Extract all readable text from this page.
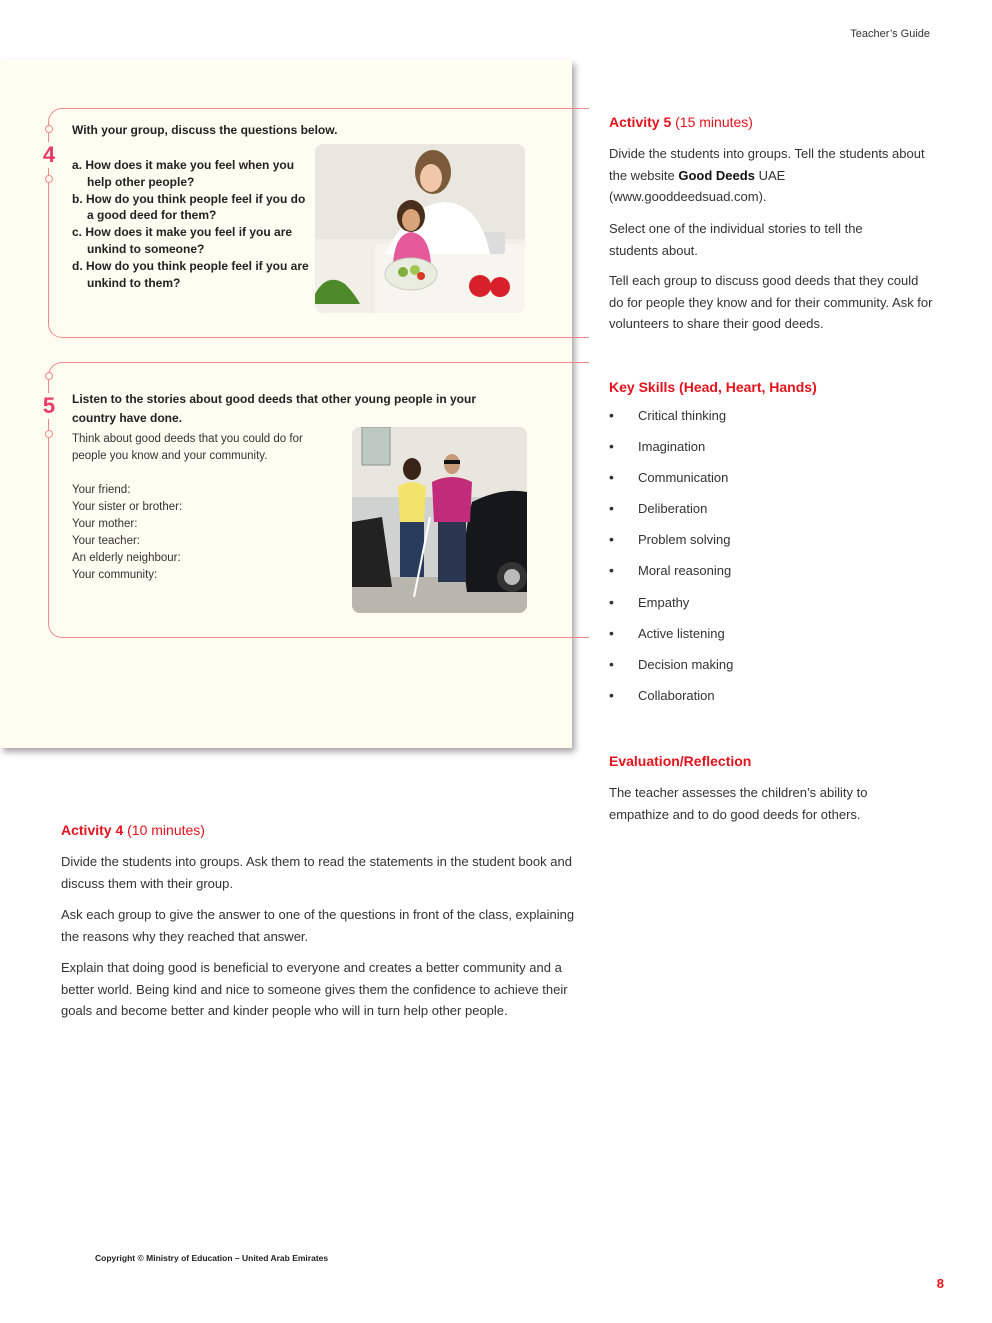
Teacher’s Guide
4
With your group, discuss the questions below.
a. How does it make you feel when you help other people?
b. How do you think people feel if you do a good deed for them?
c. How does it make you feel if you are unkind to someone?
d. How do you think people feel if you are unkind to them?
5 Listen to the stories about good deeds that other young people in your country have done.
Think about good deeds that you could do for people you know and your community.
Your friend:
Your sister or brother:
Your mother:
Your teacher:
An elderly neighbour:
Your community:
Activity 4 (10 minutes)
Divide the students into groups. Ask them to read the statements in the student book and discuss them with their group.
Ask each group to give the answer to one of the questions in front of the class, explaining the reasons why they reached that answer.
Explain that doing good is beneficial to everyone and creates a better community and a better world. Being kind and nice to someone gives them the confidence to achieve their goals and become better and kinder people who will in turn help other people.
Activity 5 (15 minutes)
Divide the students into groups. Tell the students about the website Good Deeds UAE (www.gooddeedsuad.com).
Select one of the individual stories to tell the students about.
Tell each group to discuss good deeds that they could do for people they know and for their community. Ask for volunteers to share their good deeds.
Key Skills (Head, Heart, Hands)
• Critical thinking
• Imagination
• Communication
• Deliberation
• Problem solving
• Moral reasoning
• Empathy
• Active listening
• Decision making
• Collaboration
Evaluation/Reflection
The teacher assesses the children’s ability to empathize and to do good deeds for others.
Copyright © Ministry of Education – United Arab Emirates
8
